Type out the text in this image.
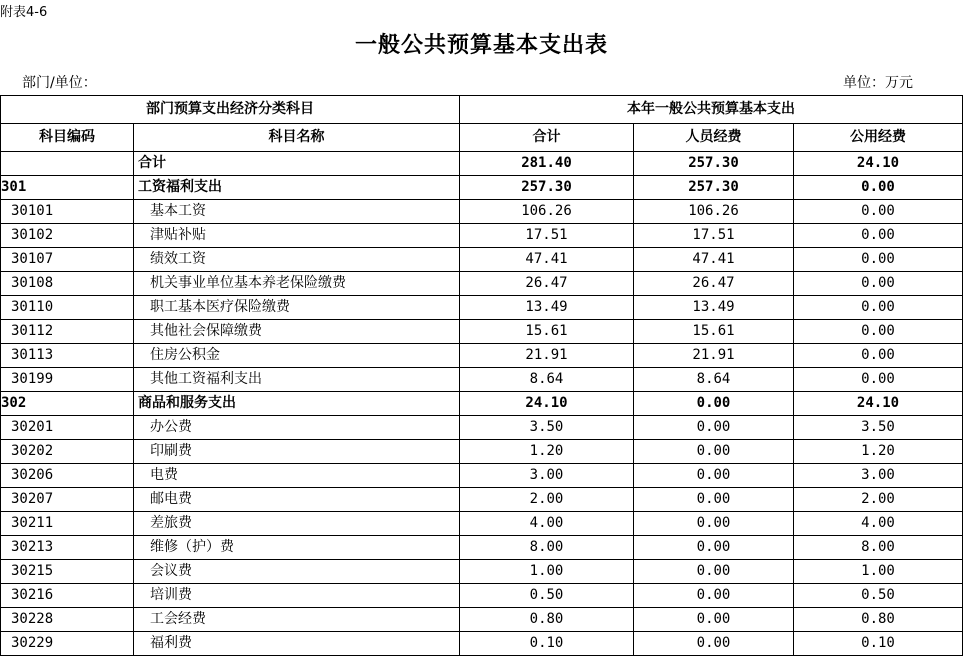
附表4-6
一般公共预算基本支出表
部门/单位：	单位：万元
部门预算支出经济分类科目		本年一般公共预算基本支出		
科目编码	科目名称	合计	人员经费	公用经费
	合计	281.40	257.30	24.10
301	工资福利支出	257.30	257.30	0.00
30101	基本工资	106.26	106.26	0.00
30102	津贴补贴	17.51	17.51	0.00
30107	绩效工资	47.41	47.41	0.00
30108	机关事业单位基本养老保险缴费	26.47	26.47	0.00
30110	职工基本医疗保险缴费	13.49	13.49	0.00
30112	其他社会保障缴费	15.61	15.61	0.00
30113	住房公积金	21.91	21.91	0.00
30199	其他工资福利支出	8.64	8.64	0.00
302	商品和服务支出	24.10	0.00	24.10
30201	办公费	3.50	0.00	3.50
30202	印刷费	1.20	0.00	1.20
30206	电费	3.00	0.00	3.00
30207	邮电费	2.00	0.00	2.00
30211	差旅费	4.00	0.00	4.00
30213	维修（护）费	8.00	0.00	8.00
30215	会议费	1.00	0.00	1.00
30216	培训费	0.50	0.00	0.50
30228	工会经费	0.80	0.00	0.80
30229	福利费	0.10	0.00	0.10
